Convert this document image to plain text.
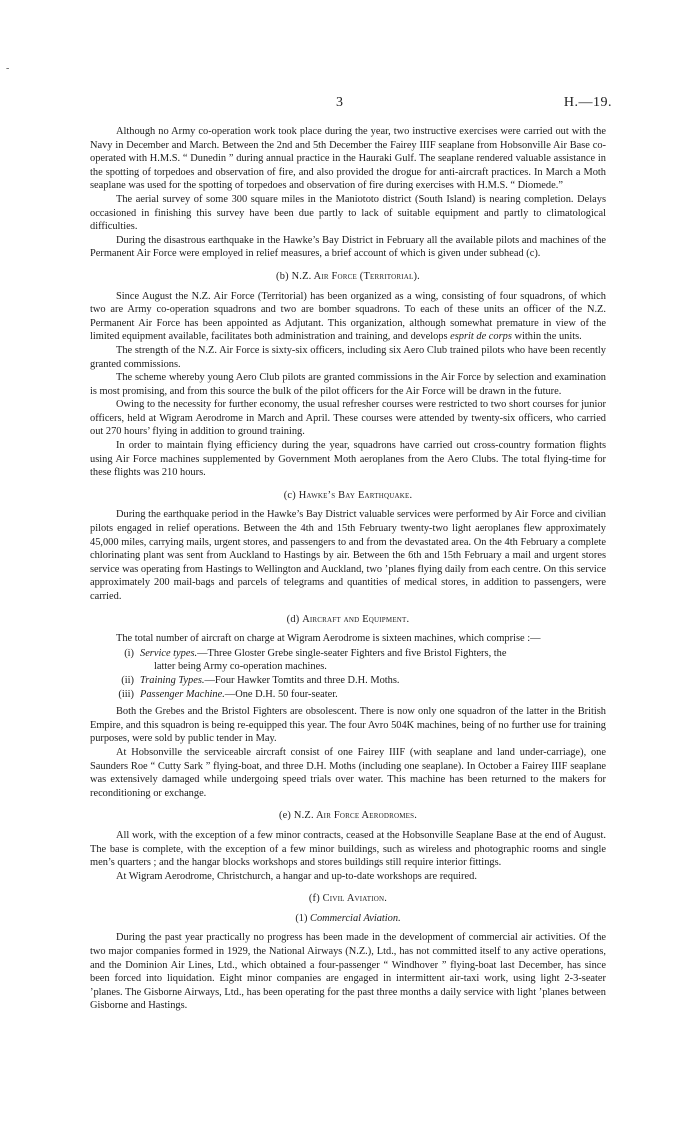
-
3	H.—19.

Although no Army co-operation work took place during the year, two instructive exercises were carried out with the Navy in December and March. Between the 2nd and 5th December the Fairey IIIF seaplane from Hobsonville Air Base co-operated with H.M.S. “ Dunedin ” during annual practice in the Hauraki Gulf. The seaplane rendered valuable assistance in the spotting of torpedoes and observation of fire, and also provided the drogue for anti-aircraft practices. In March a Moth seaplane was used for the spotting of torpedoes and observation of fire during exercises with H.M.S. “ Diomede.”

The aerial survey of some 300 square miles in the Maniototo district (South Island) is nearing completion. Delays occasioned in finishing this survey have been due partly to lack of suitable equipment and partly to climatological difficulties.

During the disastrous earthquake in the Hawke’s Bay District in February all the available pilots and machines of the Permanent Air Force were employed in relief measures, a brief account of which is given under subhead (c).

(b) N.Z. Air Force (Territorial).

Since August the N.Z. Air Force (Territorial) has been organized as a wing, consisting of four squadrons, of which two are Army co-operation squadrons and two are bomber squadrons. To each of these units an officer of the N.Z. Permanent Air Force has been appointed as Adjutant. This organization, although somewhat premature in view of the limited equipment available, facilitates both administration and training, and develops esprit de corps within the units.

The strength of the N.Z. Air Force is sixty-six officers, including six Aero Club trained pilots who have been recently granted commissions.

The scheme whereby young Aero Club pilots are granted commissions in the Air Force by selection and examination is most promising, and from this source the bulk of the pilot officers for the Air Force will be drawn in the future.

Owing to the necessity for further economy, the usual refresher courses were restricted to two short courses for junior officers, held at Wigram Aerodrome in March and April. These courses were attended by twenty-six officers, who carried out 270 hours’ flying in addition to ground training.

In order to maintain flying efficiency during the year, squadrons have carried out cross-country formation flights using Air Force machines supplemented by Government Moth aeroplanes from the Aero Clubs. The total flying-time for these flights was 210 hours.

(c) Hawke’s Bay Earthquake.

During the earthquake period in the Hawke’s Bay District valuable services were performed by Air Force and civilian pilots engaged in relief operations. Between the 4th and 15th February twenty-two light aeroplanes flew approximately 45,000 miles, carrying mails, urgent stores, and passengers to and from the devastated area. On the 4th February a complete chlorinating plant was sent from Auckland to Hastings by air. Between the 6th and 15th February a mail and urgent stores service was operating from Hastings to Wellington and Auckland, two ’planes flying daily from each centre. On this service approximately 200 mail-bags and parcels of telegrams and quantities of medical stores, in addition to passengers, were carried.

(d) Aircraft and Equipment.

The total number of aircraft on charge at Wigram Aerodrome is sixteen machines, which comprise :—

(i) Service types.—Three Gloster Grebe single-seater Fighters and five Bristol Fighters, the
latter being Army co-operation machines.
(ii) Training Types.—Four Hawker Tomtits and three D.H. Moths.
(iii) Passenger Machine.—One D.H. 50 four-seater.

Both the Grebes and the Bristol Fighters are obsolescent. There is now only one squadron of the latter in the British Empire, and this squadron is being re-equipped this year. The four Avro 504K machines, being of no further use for training purposes, were sold by public tender in May.

At Hobsonville the serviceable aircraft consist of one Fairey IIIF (with seaplane and land under-carriage), one Saunders Roe “ Cutty Sark ” flying-boat, and three D.H. Moths (including one seaplane). In October a Fairey IIIF seaplane was extensively damaged while undergoing speed trials over water. This machine has been returned to the makers for reconditioning or exchange.

(e) N.Z. Air Force Aerodromes.

All work, with the exception of a few minor contracts, ceased at the Hobsonville Seaplane Base at the end of August. The base is complete, with the exception of a few minor buildings, such as wireless and photographic rooms and single men’s quarters ; and the hangar blocks workshops and stores buildings still require interior fittings.

At Wigram Aerodrome, Christchurch, a hangar and up-to-date workshops are required.

(f) Civil Aviation.
(1) Commercial Aviation.

During the past year practically no progress has been made in the development of commercial air activities. Of the two major companies formed in 1929, the National Airways (N.Z.), Ltd., has not committed itself to any active operations, and the Dominion Air Lines, Ltd., which obtained a four-passenger “ Windhover ” flying-boat last December, has since been forced into liquidation. Eight minor companies are engaged in intermittent air-taxi work, using light 2-3-seater ’planes. The Gisborne Airways, Ltd., has been operating for the past three months a daily service with light ’planes between Gisborne and Hastings.
